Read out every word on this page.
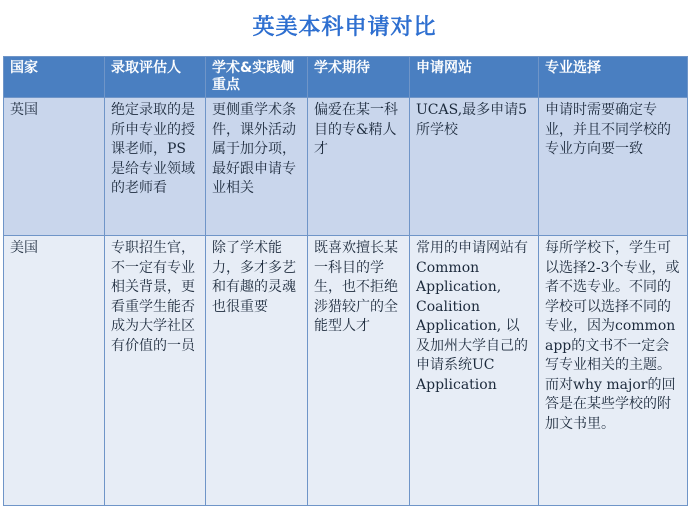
英美本科申请对比
国家	录取评估人	学术&实践侧重点	学术期待	申请网站	专业选择
英国	绝定录取的是所申专业的授课老师，PS是给专业领域的老师看	更侧重学术条件，课外活动属于加分项，最好跟申请专业相关	偏爱在某一科目的专&精人才	UCAS,最多申请5所学校	申请时需要确定专业，并且不同学校的专业方向要一致
美国	专职招生官，不一定有专业相关背景，更看重学生能否成为大学社区有价值的一员	除了学术能力，多才多艺和有趣的灵魂也很重要	既喜欢擅长某一科目的学生，也不拒绝涉猎较广的全能型人才	常用的申请网站有Common Application, Coalition Application, 以及加州大学自己的申请系统UC Application	每所学校下，学生可以选择2-3个专业，或者不选专业。不同的学校可以选择不同的专业，因为common app的文书不一定会写专业相关的主题。而对why major的回答是在某些学校的附加文书里。
